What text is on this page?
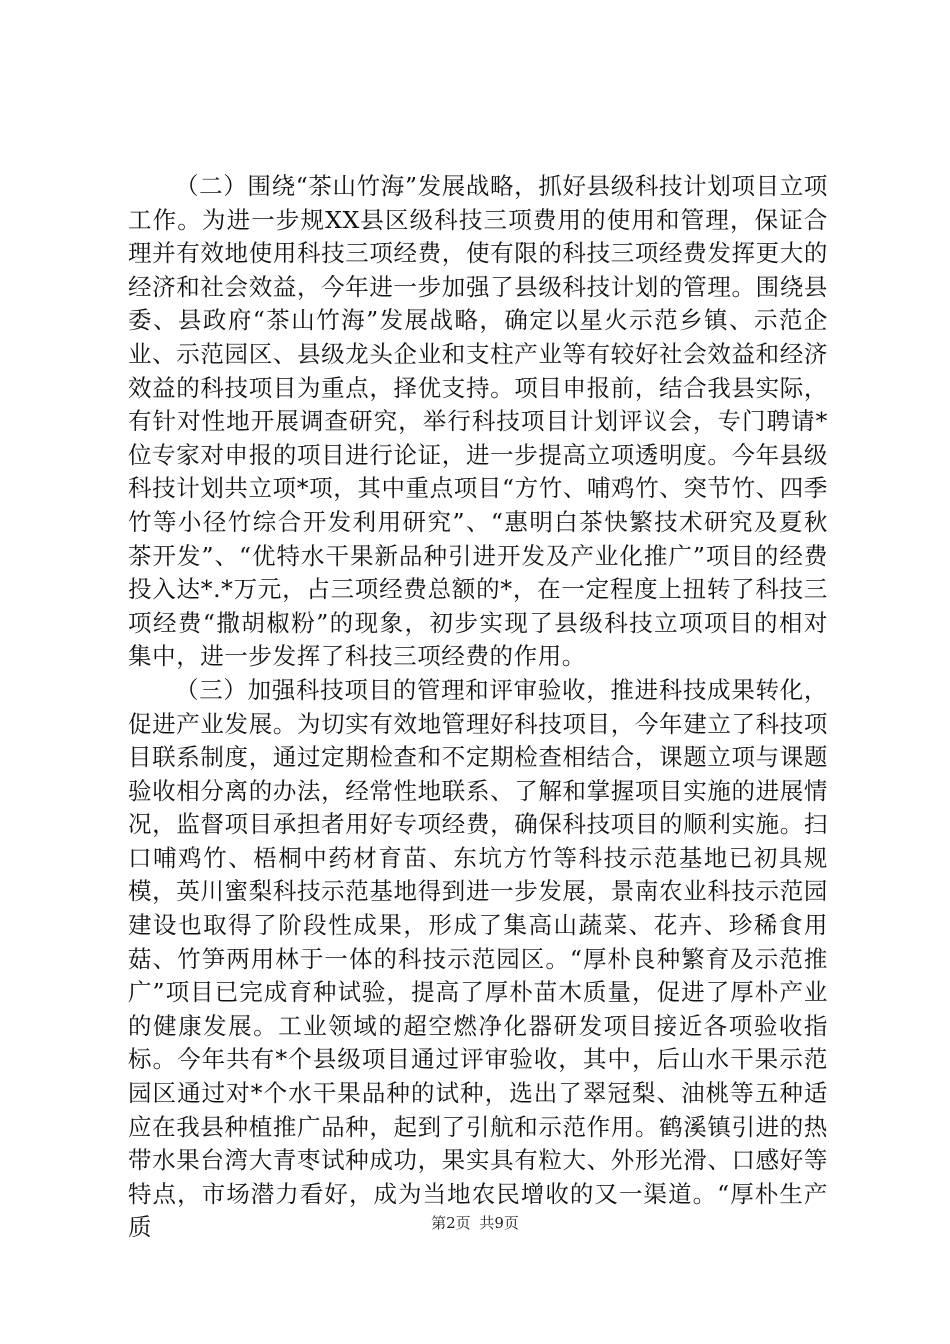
（二）围绕“茶山竹海”发展战略，抓好县级科技计划项目立项工作。为进一步规XX县区级科技三项费用的使用和管理，保证合理并有效地使用科技三项经费，使有限的科技三项经费发挥更大的经济和社会效益，今年进一步加强了县级科技计划的管理。围绕县委、县政府“茶山竹海”发展战略，确定以星火示范乡镇、示范企业、示范园区、县级龙头企业和支柱产业等有较好社会效益和经济效益的科技项目为重点，择优支持。项目申报前，结合我县实际，有针对性地开展调查研究，举行科技项目计划评议会，专门聘请*位专家对申报的项目进行论证，进一步提高立项透明度。今年县级科技计划共立项*项，其中重点项目“方竹、哺鸡竹、突节竹、四季竹等小径竹综合开发利用研究”、“惠明白茶快繁技术研究及夏秋茶开发”、“优特水干果新品种引进开发及产业化推广”项目的经费投入达*.*万元，占三项经费总额的*，在一定程度上扭转了科技三项经费“撒胡椒粉”的现象，初步实现了县级科技立项项目的相对集中，进一步发挥了科技三项经费的作用。

（三）加强科技项目的管理和评审验收，推进科技成果转化，促进产业发展。为切实有效地管理好科技项目，今年建立了科技项目联系制度，通过定期检查和不定期检查相结合，课题立项与课题验收相分离的办法，经常性地联系、了解和掌握项目实施的进展情况，监督项目承担者用好专项经费，确保科技项目的顺利实施。扫口哺鸡竹、梧桐中药材育苗、东坑方竹等科技示范基地已初具规模，英川蜜梨科技示范基地得到进一步发展，景南农业科技示范园建设也取得了阶段性成果，形成了集高山蔬菜、花卉、珍稀食用菇、竹笋两用林于一体的科技示范园区。“厚朴良种繁育及示范推广”项目已完成育种试验，提高了厚朴苗木质量，促进了厚朴产业的健康发展。工业领域的超空燃净化器研发项目接近各项验收指标。今年共有*个县级项目通过评审验收，其中，后山水干果示范园区通过对*个水干果品种的试种，选出了翠冠梨、油桃等五种适应在我县种植推广品种，起到了引航和示范作用。鹤溪镇引进的热带水果台湾大青枣试种成功，果实具有粒大、外形光滑、口感好等特点，市场潜力看好，成为当地农民增收的又一渠道。“厚朴生产质	第2页 共9页
